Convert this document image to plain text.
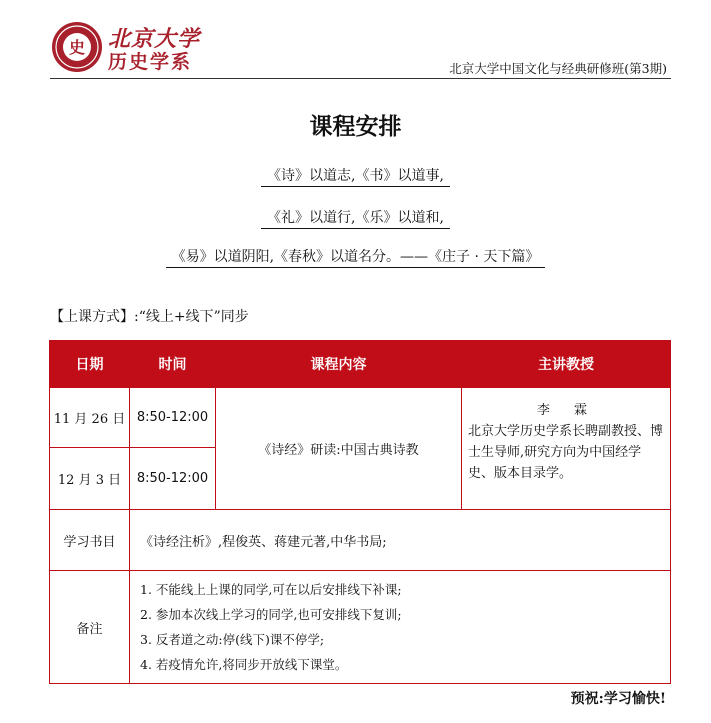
史 北京大学
历史学系	北京大学中国文化与经典研修班(第3期)
课程安排
《诗》以道志,《书》以道事,
《礼》以道行,《乐》以道和,
《易》以道阴阳,《春秋》以道名分。——《庄子 · 天下篇》
【上课方式】:“线上+线下”同步
日期	时间	课程内容	主讲教授
11 月 26 日	8:50-12:00	《诗经》研读:中国古典诗教	李 霖
北京大学历史学系长聘副教授、博士生导师,研究方向为中国经学史、版本目录学。

12 月 3 日	8:50-12:00		
学习书目	《诗经注析》,程俊英、蒋建元著,中华书局;		
备注	1. 不能线上上课的同学,可在以后安排线下补课;
2. 参加本次线上学习的同学,也可安排线下复训;
3. 反者道之动:停(线下)课不停学;
4. 若疫情允许,将同步开放线下课堂。		
预祝:学习愉快!
